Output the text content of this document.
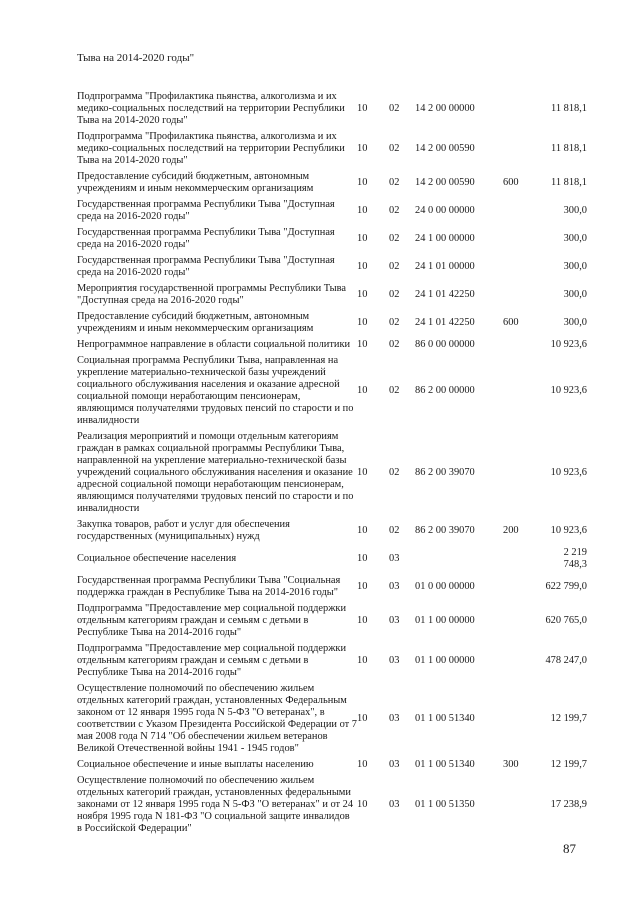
Тыва на 2014-2020 годы"
Подпрограмма "Профилактика пьянства, алкоголизма и их медико-социальных последствий на территории Республики Тыва на 2014-2020 годы"	10	02	14 2 00 00000		11 818,1

Подпрограмма "Профилактика пьянства, алкоголизма и их медико-социальных последствий на территории Республики Тыва на 2014-2020 годы"	10	02	14 2 00 00590		11 818,1

Предоставление субсидий бюджетным, автономным учреждениям и иным некоммерческим организациям	10	02	14 2 00 00590	600	11 818,1

Государственная программа Республики Тыва "Доступная среда на 2016-2020 годы"	10	02	24 0 00 00000		300,0

Государственная программа Республики Тыва "Доступная среда на 2016-2020 годы"	10	02	24 1 00 00000		300,0

Государственная программа Республики Тыва "Доступная среда на 2016-2020 годы"	10	02	24 1 01 00000		300,0

Мероприятия государственной программы Республики Тыва "Доступная среда на 2016-2020 годы"	10	02	24 1 01 42250		300,0

Предоставление субсидий бюджетным, автономным учреждениям и иным некоммерческим организациям	10	02	24 1 01 42250	600	300,0

Непрограммное направление в области социальной политики	10	02	86 0 00 00000		10 923,6

Социальная программа Республики Тыва, направленная на укрепление материально-технической базы учреждений социального обслуживания населения и оказание адресной социальной помощи неработающим пенсионерам, являющимся получателями трудовых пенсий по старости и по инвалидности	10	02	86 2 00 00000		10 923,6

Реализация мероприятий и помощи отдельным категориям граждан в рамках социальной программы Республики Тыва, направленной на укрепление материально-технической базы учреждений социального обслуживания населения и оказание адресной социальной помощи неработающим пенсионерам, являющимся получателями трудовых пенсий по старости и по инвалидности	10	02	86 2 00 39070		10 923,6

Закупка товаров, работ и услуг для обеспечения государственных (муниципальных) нужд	10	02	86 2 00 39070	200	10 923,6

Социальное обеспечение населения	10	03			2 219 748,3

Государственная программа Республики Тыва "Социальная поддержка граждан в Республике Тыва на 2014-2016 годы"	10	03	01 0 00 00000		622 799,0

Подпрограмма "Предоставление мер социальной поддержки отдельным категориям граждан и семьям с детьми в Республике Тыва на 2014-2016 годы"	10	03	01 1 00 00000		620 765,0

Подпрограмма "Предоставление мер социальной поддержки отдельным категориям граждан и семьям с детьми в Республике Тыва на 2014-2016 годы"	10	03	01 1 00 00000		478 247,0

Осуществление полномочий по обеспечению жильем отдельных категорий граждан, установленных Федеральным законом от 12 января 1995 года N 5-ФЗ "О ветеранах", в соответствии с Указом Президента Российской Федерации от 7 мая 2008 года N 714 "Об обеспечении жильем ветеранов Великой Отечественной войны 1941 - 1945 годов"	10	03	01 1 00 51340		12 199,7

Социальное обеспечение и иные выплаты населению	10	03	01 1 00 51340	300	12 199,7

Осуществление полномочий по обеспечению жильем отдельных категорий граждан, установленных федеральными законами от 12 января 1995 года N 5-ФЗ "О ветеранах" и от 24 ноября 1995 года N 181-ФЗ "О социальной защите инвалидов в Российской Федерации"	10	03	01 1 00 51350		17 238,9

87
